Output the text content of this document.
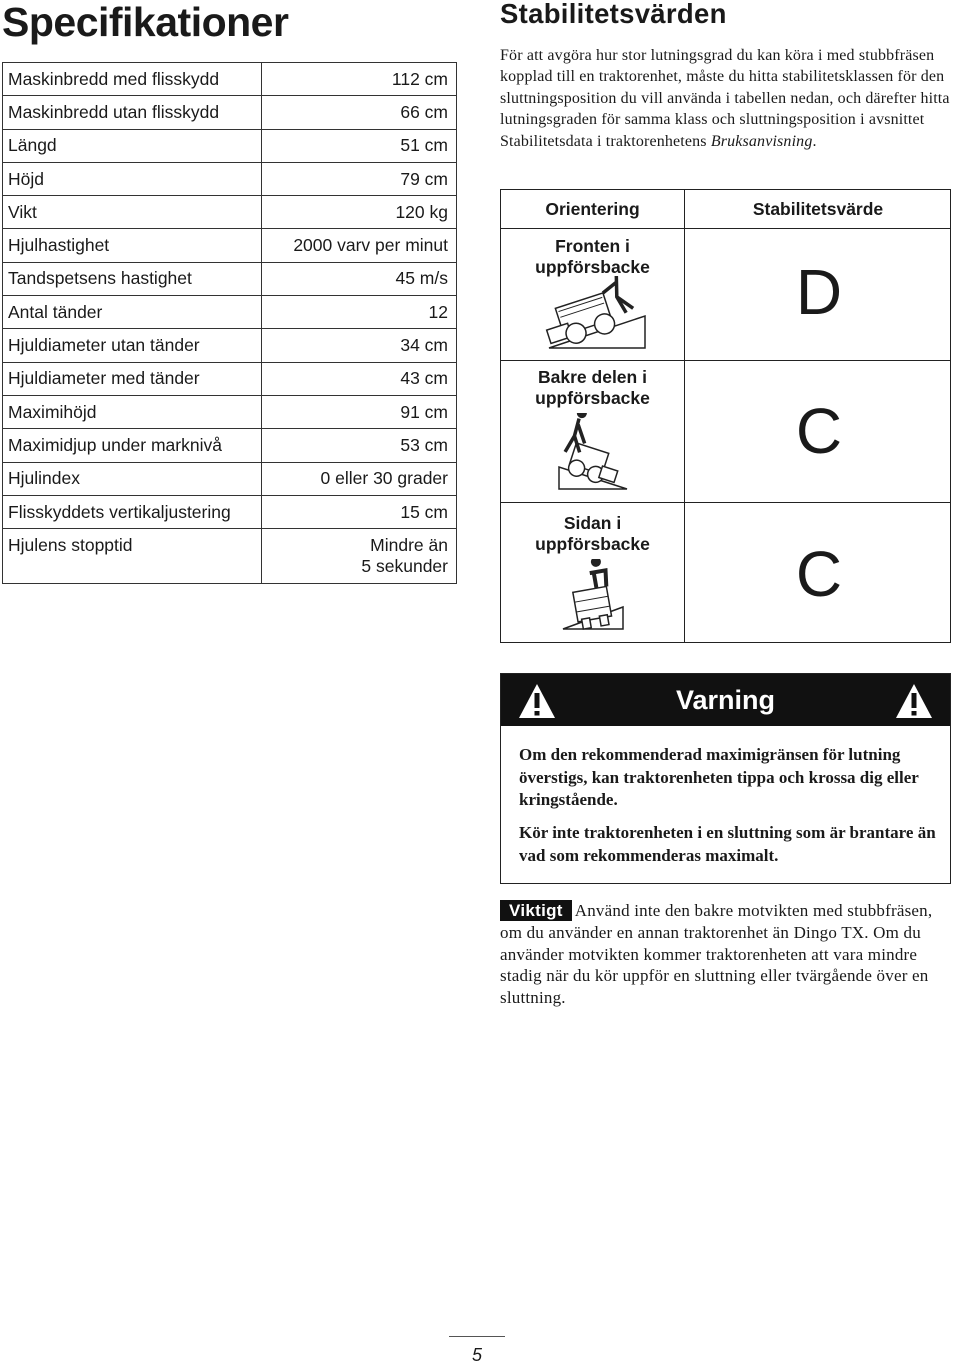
Specifikationer
Maskinbredd med flisskydd	112 cm
Maskinbredd utan flisskydd	66 cm
Längd	51 cm
Höjd	79 cm
Vikt	120 kg
Hjulhastighet	2000 varv per minut
Tandspetsens hastighet	45 m/s
Antal tänder	12
Hjuldiameter utan tänder	34 cm
Hjuldiameter med tänder	43 cm
Maximihöjd	91 cm
Maximidjup under marknivå	53 cm
Hjulindex	0 eller 30 grader
Flisskyddets vertikaljustering	15 cm
Hjulens stopptid	Mindre än
5 sekunder
Stabilitetsvärden

För att avgöra hur stor lutningsgrad du kan köra i med stubbfräsen kopplad till en traktorenhet, måste du hitta stabilitetsklassen för den sluttningsposition du vill använda i tabellen nedan, och därefter hitta lutningsgraden för samma klass och sluttningsposition i avsnittet Stabilitetsdata i traktorenhetens Bruksanvisning.

Orientering	Stabilitetsvärde
Fronten i
uppförsbacke	D
Bakre delen i
uppförsbacke	C
Sidan i
uppförsbacke	C
Varning

Om den rekommenderad maximigränsen för lutning överstigs, kan traktorenheten tippa och krossa dig eller kringstående.

Kör inte traktorenheten i en sluttning som är brantare än vad som rekommenderas maximalt.

Viktigt Använd inte den bakre motvikten med stubbfräsen, om du använder en annan traktorenhet än Dingo TX. Om du använder motvikten kommer traktorenheten att vara mindre stadig när du kör uppför en sluttning eller tvärgående över en sluttning.

5
